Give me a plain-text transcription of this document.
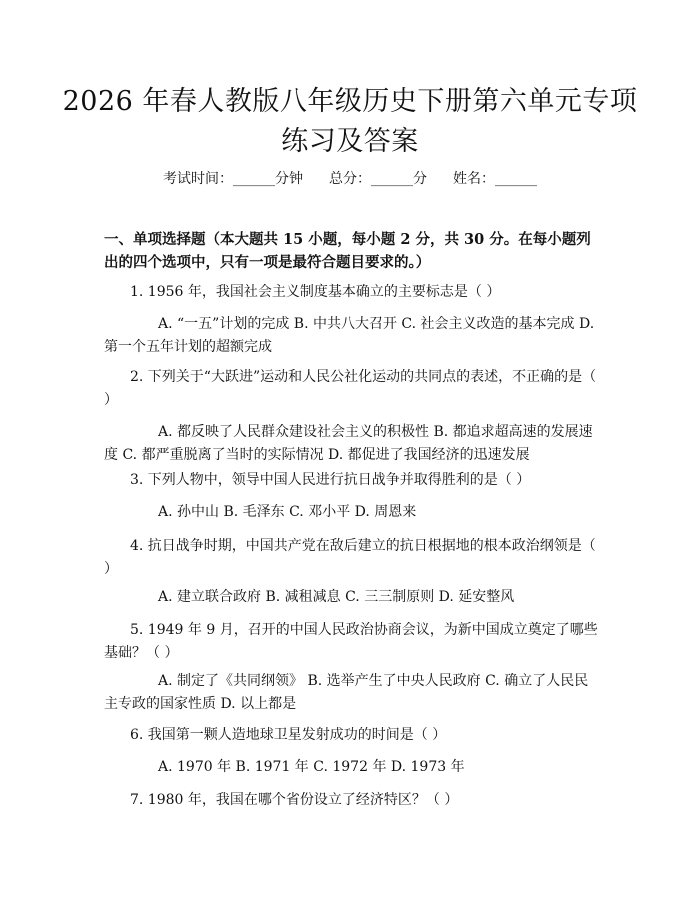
2026 年春人教版八年级历史下册第六单元专项练习及答案
考试时间：______分钟 总分：______分 姓名：______
一、单项选择题（本大题共 15 小题，每小题 2 分，共 30 分。在每小题列出的四个选项中，只有一项是最符合题目要求的。）
1. 1956 年，我国社会主义制度基本确立的主要标志是（ ）
A. “一五”计划的完成 B. 中共八大召开 C. 社会主义改造的基本完成 D. 第一个五年计划的超额完成
2. 下列关于“大跃进”运动和人民公社化运动的共同点的表述，不正确的是（ ）
A. 都反映了人民群众建设社会主义的积极性 B. 都追求超高速的发展速度 C. 都严重脱离了当时的实际情况 D. 都促进了我国经济的迅速发展
3. 下列人物中，领导中国人民进行抗日战争并取得胜利的是（ ）
A. 孙中山 B. 毛泽东 C. 邓小平 D. 周恩来
4. 抗日战争时期，中国共产党在敌后建立的抗日根据地的根本政治纲领是（ ）
A. 建立联合政府 B. 减租减息 C. 三三制原则 D. 延安整风
5. 1949 年 9 月，召开的中国人民政治协商会议，为新中国成立奠定了哪些基础？（ ）
A. 制定了《共同纲领》 B. 选举产生了中央人民政府 C. 确立了人民民主专政的国家性质 D. 以上都是
6. 我国第一颗人造地球卫星发射成功的时间是（ ）
A. 1970 年 B. 1971 年 C. 1972 年 D. 1973 年
7. 1980 年，我国在哪个省份设立了经济特区？（ ）
